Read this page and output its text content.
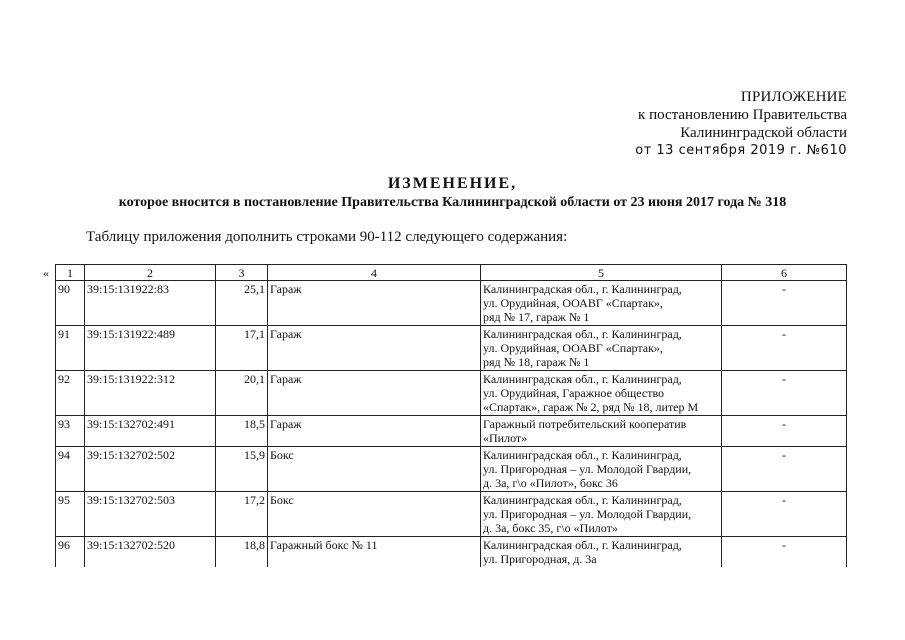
ПРИЛОЖЕНИЕ
к постановлению Правительства
Калининградской области
от 13 сентября 2019 г. №610
ИЗМЕНЕНИЕ,
которое вносится в постановление Правительства Калининградской области от 23 июня 2017 года № 318
Таблицу приложения дополнить строками 90-112 следующего содержания:
« 1	2	3	4	5	6
90	39:15:131922:83	25,1	Гараж	Калининградская обл., г. Калининград,
ул. Орудийная, ООАВГ «Спартак»,
ряд № 17, гараж № 1	-
91	39:15:131922:489	17,1	Гараж	Калининградская обл., г. Калининград,
ул. Орудийная, ООАВГ «Спартак»,
ряд № 18, гараж № 1	-
92	39:15:131922:312	20,1	Гараж	Калининградская обл., г. Калининград,
ул. Орудийная, Гаражное общество
«Спартак», гараж № 2, ряд № 18, литер М	-
93	39:15:132702:491	18,5	Гараж	Гаражный потребительский кооператив
«Пилот»	-
94	39:15:132702:502	15,9	Бокс	Калининградская обл., г. Калининград,
ул. Пригородная – ул. Молодой Гвардии,
д. 3а, г\о «Пилот», бокс 36	-
95	39:15:132702:503	17,2	Бокс	Калининградская обл., г. Калининград,
ул. Пригородная – ул. Молодой Гвардии,
д. 3а, бокс 35, г\о «Пилот»	-
96	39:15:132702:520	18,8	Гаражный бокс № 11	Калининградская обл., г. Калининград,
ул. Пригородная, д. 3а	-
